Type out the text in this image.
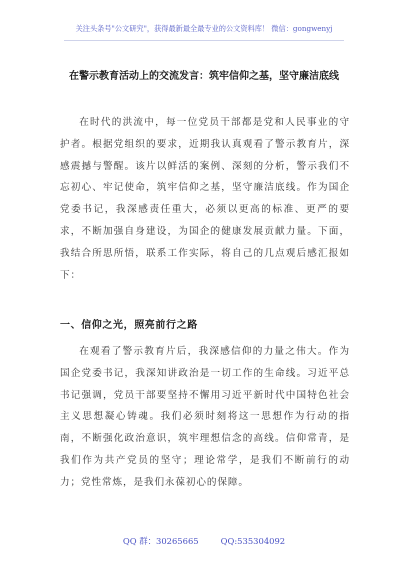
关注头条号"公文研究"，获得最新最全最专业的公文资料库！ 微信：gongwenyj
在警示教育活动上的交流发言：筑牢信仰之基，坚守廉洁底线

在时代的洪流中，每一位党员干部都是党和人民事业的守护者。根据党组织的要求，近期我认真观看了警示教育片，深感震撼与警醒。该片以鲜活的案例、深刻的分析，警示我们不忘初心、牢记使命，筑牢信仰之基，坚守廉洁底线。作为国企党委书记，我深感责任重大，必须以更高的标准、更严的要求，不断加强自身建设，为国企的健康发展贡献力量。下面，我结合所思所悟，联系工作实际，将自己的几点观后感汇报如下：

一、信仰之光，照亮前行之路

在观看了警示教育片后，我深感信仰的力量之伟大。作为国企党委书记，我深知讲政治是一切工作的生命线。习近平总书记强调，党员干部要坚持不懈用习近平新时代中国特色社会主义思想凝心铸魂。我们必须时刻将这一思想作为行动的指南，不断强化政治意识，筑牢理想信念的高线。信仰常青，是我们作为共产党员的坚守；理论常学，是我们不断前行的动力；党性常炼，是我们永葆初心的保障。

QQ 群：30265665	QQ:535304092
